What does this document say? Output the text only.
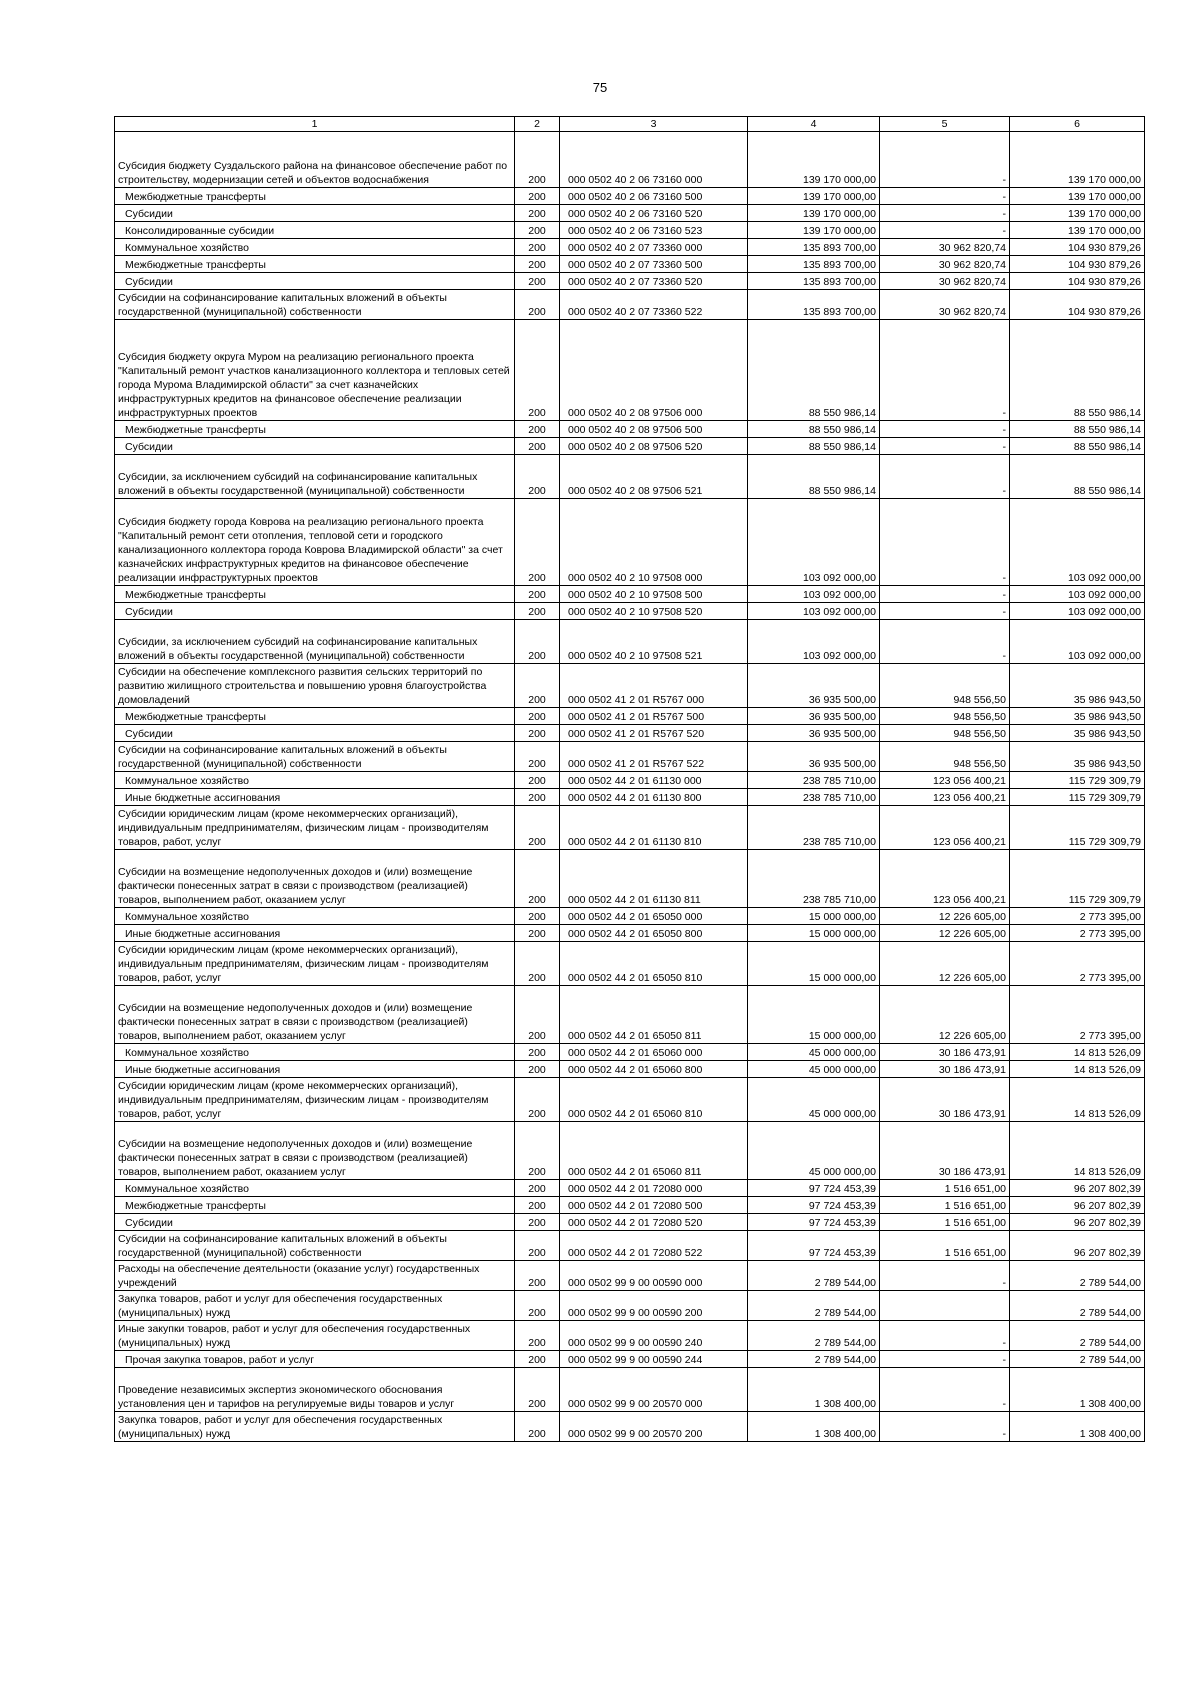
75
1	2	3	4	5	6
Субсидия бюджету Суздальского района на финансовое обеспечение работ по строительству, модернизации сетей и объектов водоснабжения	200	000 0502 40 2 06 73160 000	139 170 000,00	-	139 170 000,00
Межбюджетные трансферты	200	000 0502 40 2 06 73160 500	139 170 000,00	-	139 170 000,00
Субсидии	200	000 0502 40 2 06 73160 520	139 170 000,00	-	139 170 000,00
Консолидированные субсидии	200	000 0502 40 2 06 73160 523	139 170 000,00	-	139 170 000,00
Коммунальное хозяйство	200	000 0502 40 2 07 73360 000	135 893 700,00	30 962 820,74	104 930 879,26
Межбюджетные трансферты	200	000 0502 40 2 07 73360 500	135 893 700,00	30 962 820,74	104 930 879,26
Субсидии	200	000 0502 40 2 07 73360 520	135 893 700,00	30 962 820,74	104 930 879,26
Субсидии на софинансирование капитальных вложений в объекты государственной (муниципальной) собственности	200	000 0502 40 2 07 73360 522	135 893 700,00	30 962 820,74	104 930 879,26
Субсидия бюджету округа Муром на реализацию регионального проекта "Капитальный ремонт участков канализационного коллектора и тепловых сетей города Мурома Владимирской области" за счет казначейских инфраструктурных кредитов на финансовое обеспечение реализации инфраструктурных проектов	200	000 0502 40 2 08 97506 000	88 550 986,14	-	88 550 986,14
Межбюджетные трансферты	200	000 0502 40 2 08 97506 500	88 550 986,14	-	88 550 986,14
Субсидии	200	000 0502 40 2 08 97506 520	88 550 986,14	-	88 550 986,14
Субсидии, за исключением субсидий на софинансирование капитальных вложений в объекты государственной (муниципальной) собственности	200	000 0502 40 2 08 97506 521	88 550 986,14	-	88 550 986,14
Субсидия бюджету города Коврова на реализацию регионального проекта "Капитальный ремонт сети отопления, тепловой сети и городского канализационного коллектора города Коврова Владимирской области" за счет казначейских инфраструктурных кредитов на финансовое обеспечение реализации инфраструктурных проектов	200	000 0502 40 2 10 97508 000	103 092 000,00	-	103 092 000,00
Межбюджетные трансферты	200	000 0502 40 2 10 97508 500	103 092 000,00	-	103 092 000,00
Субсидии	200	000 0502 40 2 10 97508 520	103 092 000,00	-	103 092 000,00
Субсидии, за исключением субсидий на софинансирование капитальных вложений в объекты государственной (муниципальной) собственности	200	000 0502 40 2 10 97508 521	103 092 000,00	-	103 092 000,00
Субсидии на обеспечение комплексного развития сельских территорий по развитию жилищного строительства и повышению уровня благоустройства домовладений	200	000 0502 41 2 01 R5767 000	36 935 500,00	948 556,50	35 986 943,50
Межбюджетные трансферты	200	000 0502 41 2 01 R5767 500	36 935 500,00	948 556,50	35 986 943,50
Субсидии	200	000 0502 41 2 01 R5767 520	36 935 500,00	948 556,50	35 986 943,50
Субсидии на софинансирование капитальных вложений в объекты государственной (муниципальной) собственности	200	000 0502 41 2 01 R5767 522	36 935 500,00	948 556,50	35 986 943,50
Коммунальное хозяйство	200	000 0502 44 2 01 61130 000	238 785 710,00	123 056 400,21	115 729 309,79
Иные бюджетные ассигнования	200	000 0502 44 2 01 61130 800	238 785 710,00	123 056 400,21	115 729 309,79
Субсидии юридическим лицам (кроме некоммерческих организаций), индивидуальным предпринимателям, физическим лицам - производителям товаров, работ, услуг	200	000 0502 44 2 01 61130 810	238 785 710,00	123 056 400,21	115 729 309,79
Субсидии на возмещение недополученных доходов и (или) возмещение фактически понесенных затрат в связи с производством (реализацией) товаров, выполнением работ, оказанием услуг	200	000 0502 44 2 01 61130 811	238 785 710,00	123 056 400,21	115 729 309,79
Коммунальное хозяйство	200	000 0502 44 2 01 65050 000	15 000 000,00	12 226 605,00	2 773 395,00
Иные бюджетные ассигнования	200	000 0502 44 2 01 65050 800	15 000 000,00	12 226 605,00	2 773 395,00
Субсидии юридическим лицам (кроме некоммерческих организаций), индивидуальным предпринимателям, физическим лицам - производителям товаров, работ, услуг	200	000 0502 44 2 01 65050 810	15 000 000,00	12 226 605,00	2 773 395,00
Субсидии на возмещение недополученных доходов и (или) возмещение фактически понесенных затрат в связи с производством (реализацией) товаров, выполнением работ, оказанием услуг	200	000 0502 44 2 01 65050 811	15 000 000,00	12 226 605,00	2 773 395,00
Коммунальное хозяйство	200	000 0502 44 2 01 65060 000	45 000 000,00	30 186 473,91	14 813 526,09
Иные бюджетные ассигнования	200	000 0502 44 2 01 65060 800	45 000 000,00	30 186 473,91	14 813 526,09
Субсидии юридическим лицам (кроме некоммерческих организаций), индивидуальным предпринимателям, физическим лицам - производителям товаров, работ, услуг	200	000 0502 44 2 01 65060 810	45 000 000,00	30 186 473,91	14 813 526,09
Субсидии на возмещение недополученных доходов и (или) возмещение фактически понесенных затрат в связи с производством (реализацией) товаров, выполнением работ, оказанием услуг	200	000 0502 44 2 01 65060 811	45 000 000,00	30 186 473,91	14 813 526,09
Коммунальное хозяйство	200	000 0502 44 2 01 72080 000	97 724 453,39	1 516 651,00	96 207 802,39
Межбюджетные трансферты	200	000 0502 44 2 01 72080 500	97 724 453,39	1 516 651,00	96 207 802,39
Субсидии	200	000 0502 44 2 01 72080 520	97 724 453,39	1 516 651,00	96 207 802,39
Субсидии на софинансирование капитальных вложений в объекты государственной (муниципальной) собственности	200	000 0502 44 2 01 72080 522	97 724 453,39	1 516 651,00	96 207 802,39
Расходы на обеспечение деятельности (оказание услуг) государственных учреждений	200	000 0502 99 9 00 00590 000	2 789 544,00	-	2 789 544,00
Закупка товаров, работ и услуг для обеспечения государственных (муниципальных) нужд	200	000 0502 99 9 00 00590 200	2 789 544,00		2 789 544,00
Иные закупки товаров, работ и услуг для обеспечения государственных (муниципальных) нужд	200	000 0502 99 9 00 00590 240	2 789 544,00	-	2 789 544,00
Прочая закупка товаров, работ и услуг	200	000 0502 99 9 00 00590 244	2 789 544,00	-	2 789 544,00
Проведение независимых экспертиз экономического обоснования установления цен и тарифов на регулируемые виды товаров и услуг	200	000 0502 99 9 00 20570 000	1 308 400,00	-	1 308 400,00
Закупка товаров, работ и услуг для обеспечения государственных (муниципальных) нужд	200	000 0502 99 9 00 20570 200	1 308 400,00	-	1 308 400,00
